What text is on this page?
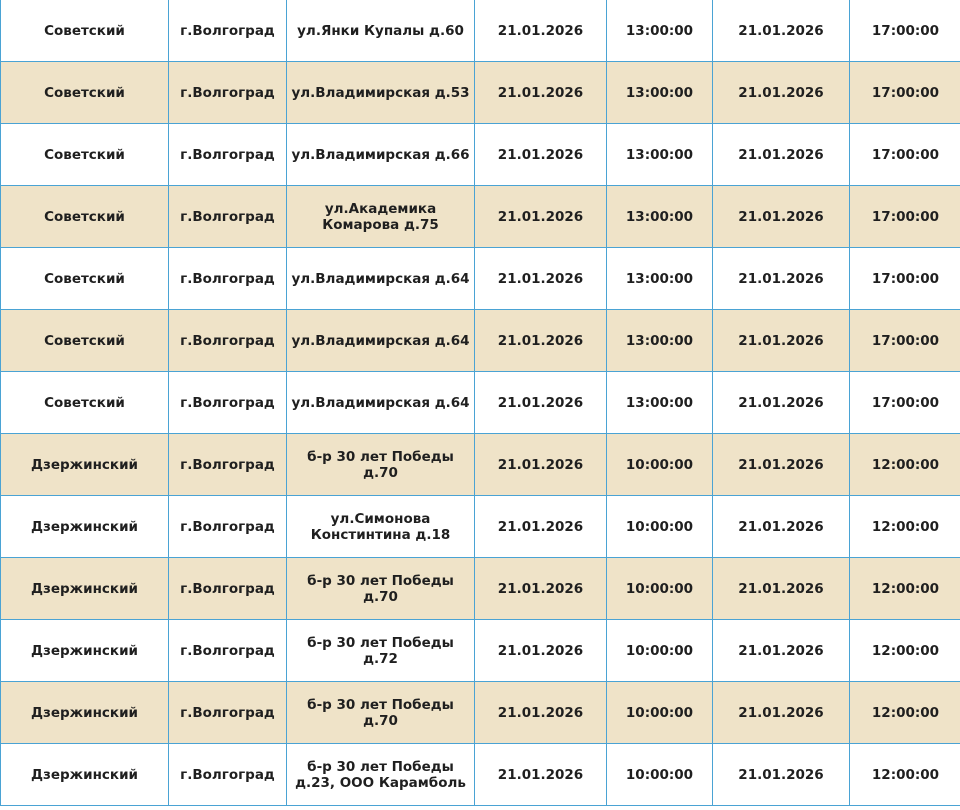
Советский	г.Волгоград	ул.Янки Купалы д.60	21.01.2026	13:00:00	21.01.2026	17:00:00
Советский	г.Волгоград	ул.Владимирская д.53	21.01.2026	13:00:00	21.01.2026	17:00:00
Советский	г.Волгоград	ул.Владимирская д.66	21.01.2026	13:00:00	21.01.2026	17:00:00
Советский	г.Волгоград	ул.Академика Комарова д.75	21.01.2026	13:00:00	21.01.2026	17:00:00
Советский	г.Волгоград	ул.Владимирская д.64	21.01.2026	13:00:00	21.01.2026	17:00:00
Советский	г.Волгоград	ул.Владимирская д.64	21.01.2026	13:00:00	21.01.2026	17:00:00
Советский	г.Волгоград	ул.Владимирская д.64	21.01.2026	13:00:00	21.01.2026	17:00:00
Дзержинский	г.Волгоград	б-р 30 лет Победы д.70	21.01.2026	10:00:00	21.01.2026	12:00:00
Дзержинский	г.Волгоград	ул.Симонова Констинтина д.18	21.01.2026	10:00:00	21.01.2026	12:00:00
Дзержинский	г.Волгоград	б-р 30 лет Победы д.70	21.01.2026	10:00:00	21.01.2026	12:00:00
Дзержинский	г.Волгоград	б-р 30 лет Победы д.72	21.01.2026	10:00:00	21.01.2026	12:00:00
Дзержинский	г.Волгоград	б-р 30 лет Победы д.70	21.01.2026	10:00:00	21.01.2026	12:00:00
Дзержинский	г.Волгоград	б-р 30 лет Победы д.23, ООО Карамболь	21.01.2026	10:00:00	21.01.2026	12:00:00
